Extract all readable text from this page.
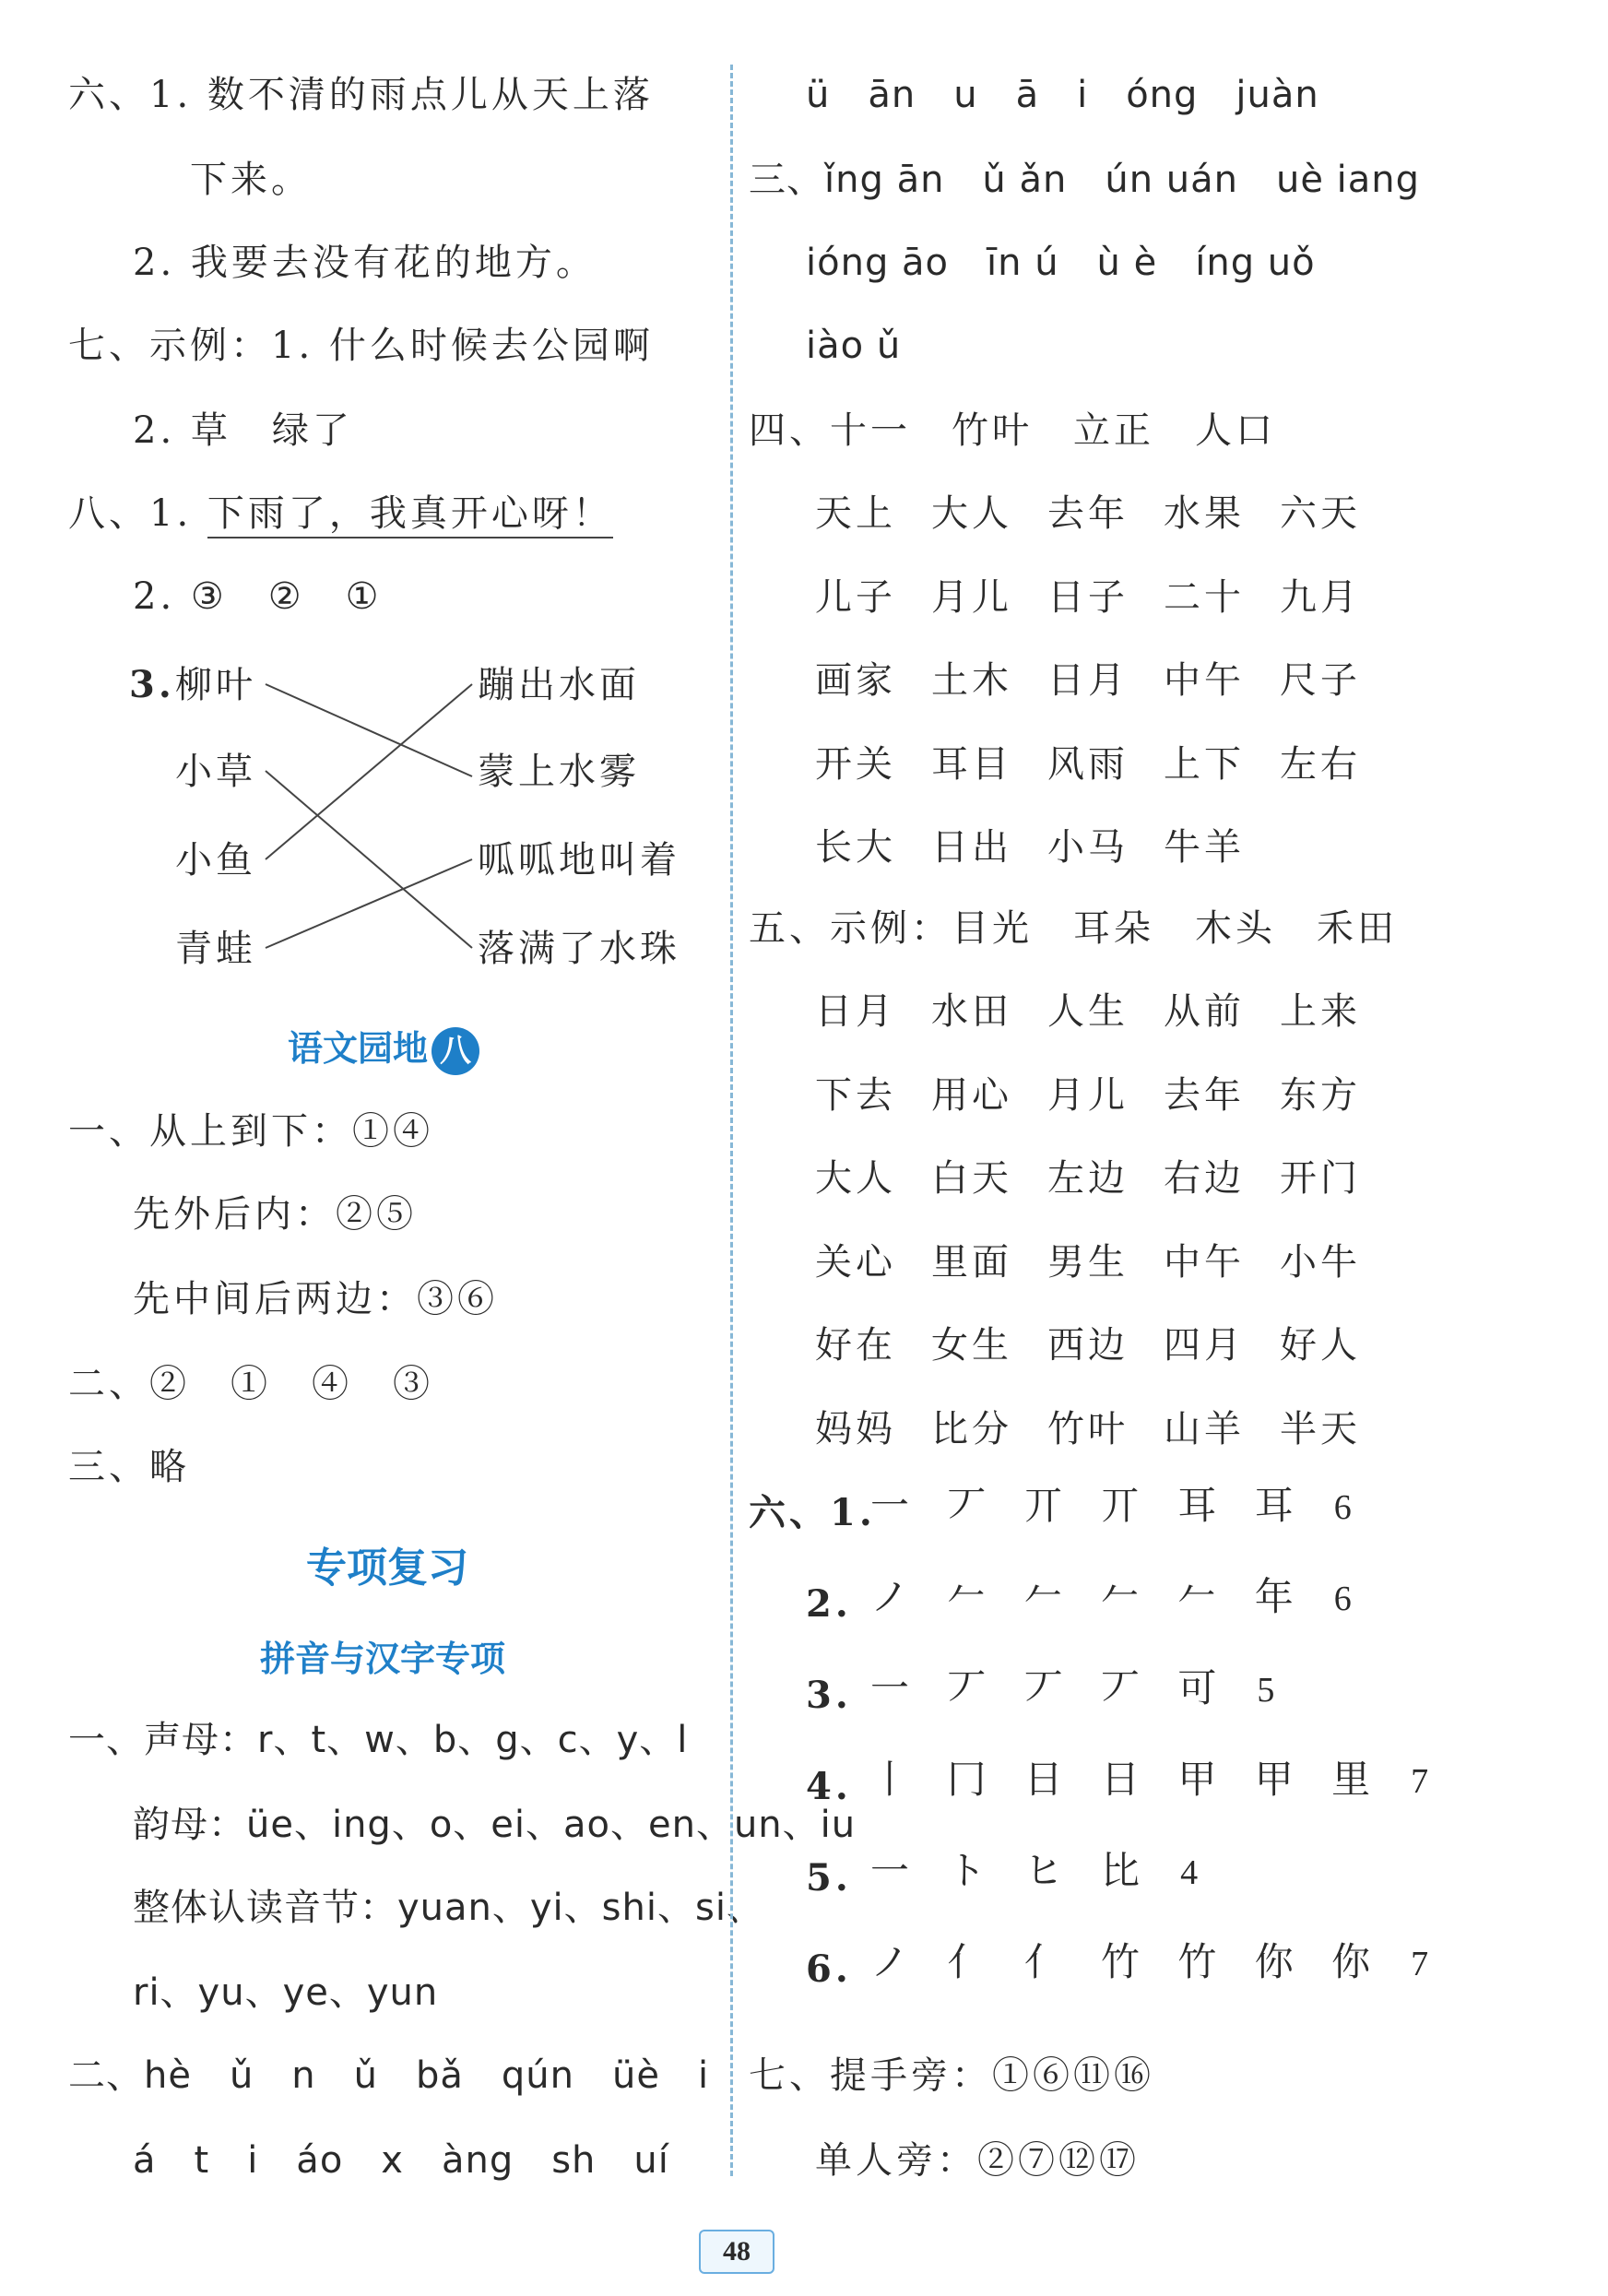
六、1. 数不清的雨点儿从天上落
下来。
2. 我要去没有花的地方。
七、示例：1. 什么时候去公园啊
2. 草　绿了
八、1. 下雨了，我真开心呀！
2. ③　②　①
3. 柳叶
小草
小鱼
青蛙
蹦出水面
蒙上水雾
呱呱地叫着
落满了水珠
语文园地 八
一、从上到下：①④
先外后内：②⑤
先中间后两边：③⑥
二、②　①　④　③
三、略
专项复习
拼音与汉字专项
一、声母：r、t、w、b、g、c、y、l
韵母：üe、ing、o、ei、ao、en、un、iu
整体认读音节：yuan、yi、shi、si、
ri、yu、ye、yun
二、hè　ǔ　n　ǔ　bǎ　qún　üè　i
á　t　i　áo　x　àng　sh　uí
ü　ān　u　ā　i　óng　juàn
三、ǐng ān　ǔ ǎn　ún uán　uè iang
ióng āo　īn ú　ù è　íng uǒ
iào ǔ
四、十一　竹叶　立正　人口
天上 大人 去年 水果 六天
儿子 月儿 日子 二十 九月
画家 土木 日月 中午 尺子
开关 耳目 风雨 上下 左右
长大 日出 小马 牛羊
五、示例：目光　耳朵　木头　禾田
日月 水田 人生 从前 上来
下去 用心 月儿 去年 东方
大人 白天 左边 右边 开门
关心 里面 男生 中午 小牛
好在 女生 西边 四月 好人
妈妈 比分 竹叶 山羊 半天
六、1.
一 丆 丌 丌 耳 耳 6
2. ノ 𠂉 𠂉 𠂉 𠂉 年 6
3. 一 丆 丆 丆 可 5
4. 丨 冂 日 日 甲 甲 里 7
5. 一 ト ヒ 比 4
6. ノ 亻 亻 竹 竹 你 你 7
七、提手旁：①⑥⑪⑯
单人旁：②⑦⑫⑰
48
